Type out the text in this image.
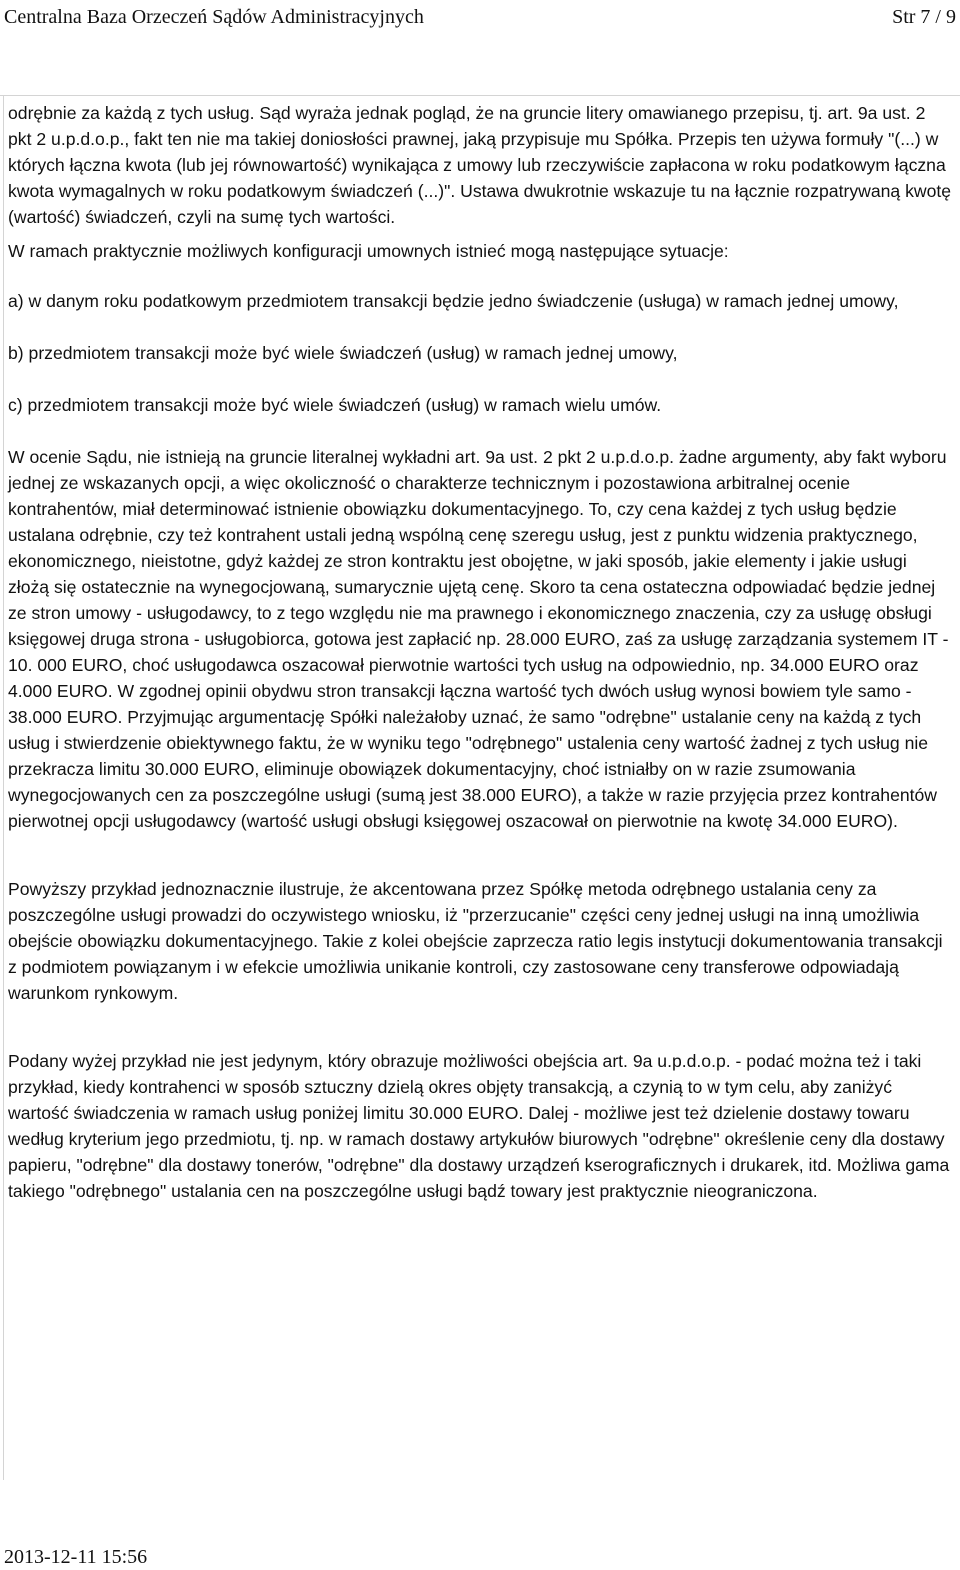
Centralna Baza Orzeczeń Sądów Administracyjnych	Str 7 / 9

odrębnie za każdą z tych usług. Sąd wyraża jednak pogląd, że na gruncie litery omawianego przepisu, tj. art. 9a ust. 2 pkt 2 u.p.d.o.p., fakt ten nie ma takiej doniosłości prawnej, jaką przypisuje mu Spółka. Przepis ten używa formuły "(...) w których łączna kwota (lub jej równowartość) wynikająca z umowy lub rzeczywiście zapłacona w roku podatkowym łączna kwota wymagalnych w roku podatkowym świadczeń (...)". Ustawa dwukrotnie wskazuje tu na łącznie rozpatrywaną kwotę (wartość) świadczeń, czyli na sumę tych wartości.

W ramach praktycznie możliwych konfiguracji umownych istnieć mogą następujące sytuacje:

a) w danym roku podatkowym przedmiotem transakcji będzie jedno świadczenie (usługa) w ramach jednej umowy,

b) przedmiotem transakcji może być wiele świadczeń (usług) w ramach jednej umowy,

c) przedmiotem transakcji może być wiele świadczeń (usług) w ramach wielu umów.

W ocenie Sądu, nie istnieją na gruncie literalnej wykładni art. 9a ust. 2 pkt 2 u.p.d.o.p. żadne argumenty, aby fakt wyboru jednej ze wskazanych opcji, a więc okoliczność o charakterze technicznym i pozostawiona arbitralnej ocenie kontrahentów, miał determinować istnienie obowiązku dokumentacyjnego. To, czy cena każdej z tych usług będzie ustalana odrębnie, czy też kontrahent ustali jedną wspólną cenę szeregu usług, jest z punktu widzenia praktycznego, ekonomicznego, nieistotne, gdyż każdej ze stron kontraktu jest obojętne, w jaki sposób, jakie elementy i jakie usługi złożą się ostatecznie na wynegocjowaną, sumarycznie ujętą cenę. Skoro ta cena ostateczna odpowiadać będzie jednej ze stron umowy - usługodawcy, to z tego względu nie ma prawnego i ekonomicznego znaczenia, czy za usługę obsługi księgowej druga strona - usługobiorca, gotowa jest zapłacić np. 28.000 EURO, zaś za usługę zarządzania systemem IT - 10. 000 EURO, choć usługodawca oszacował pierwotnie wartości tych usług na odpowiednio, np. 34.000 EURO oraz 4.000 EURO. W zgodnej opinii obydwu stron transakcji łączna wartość tych dwóch usług wynosi bowiem tyle samo - 38.000 EURO. Przyjmując argumentację Spółki należałoby uznać, że samo "odrębne" ustalanie ceny na każdą z tych usług i stwierdzenie obiektywnego faktu, że w wyniku tego "odrębnego" ustalenia ceny wartość żadnej z tych usług nie przekracza limitu 30.000 EURO, eliminuje obowiązek dokumentacyjny, choć istniałby on w razie zsumowania wynegocjowanych cen za poszczególne usługi (sumą jest 38.000 EURO), a także w razie przyjęcia przez kontrahentów pierwotnej opcji usługodawcy (wartość usługi obsługi księgowej oszacował on pierwotnie na kwotę 34.000 EURO).

Powyższy przykład jednoznacznie ilustruje, że akcentowana przez Spółkę metoda odrębnego ustalania ceny za poszczególne usługi prowadzi do oczywistego wniosku, iż "przerzucanie" części ceny jednej usługi na inną umożliwia obejście obowiązku dokumentacyjnego. Takie z kolei obejście zaprzecza ratio legis instytucji dokumentowania transakcji z podmiotem powiązanym i w efekcie umożliwia unikanie kontroli, czy zastosowane ceny transferowe odpowiadają warunkom rynkowym.

Podany wyżej przykład nie jest jedynym, który obrazuje możliwości obejścia art. 9a u.p.d.o.p. - podać można też i taki przykład, kiedy kontrahenci w sposób sztuczny dzielą okres objęty transakcją, a czynią to w tym celu, aby zaniżyć wartość świadczenia w ramach usług poniżej limitu 30.000 EURO. Dalej - możliwe jest też dzielenie dostawy towaru według kryterium jego przedmiotu, tj. np. w ramach dostawy artykułów biurowych "odrębne" określenie ceny dla dostawy papieru, "odrębne" dla dostawy tonerów, "odrębne" dla dostawy urządzeń kserograficznych i drukarek, itd. Możliwa gama takiego "odrębnego" ustalania cen na poszczególne usługi bądź towary jest praktycznie nieograniczona.

2013-12-11 15:56
